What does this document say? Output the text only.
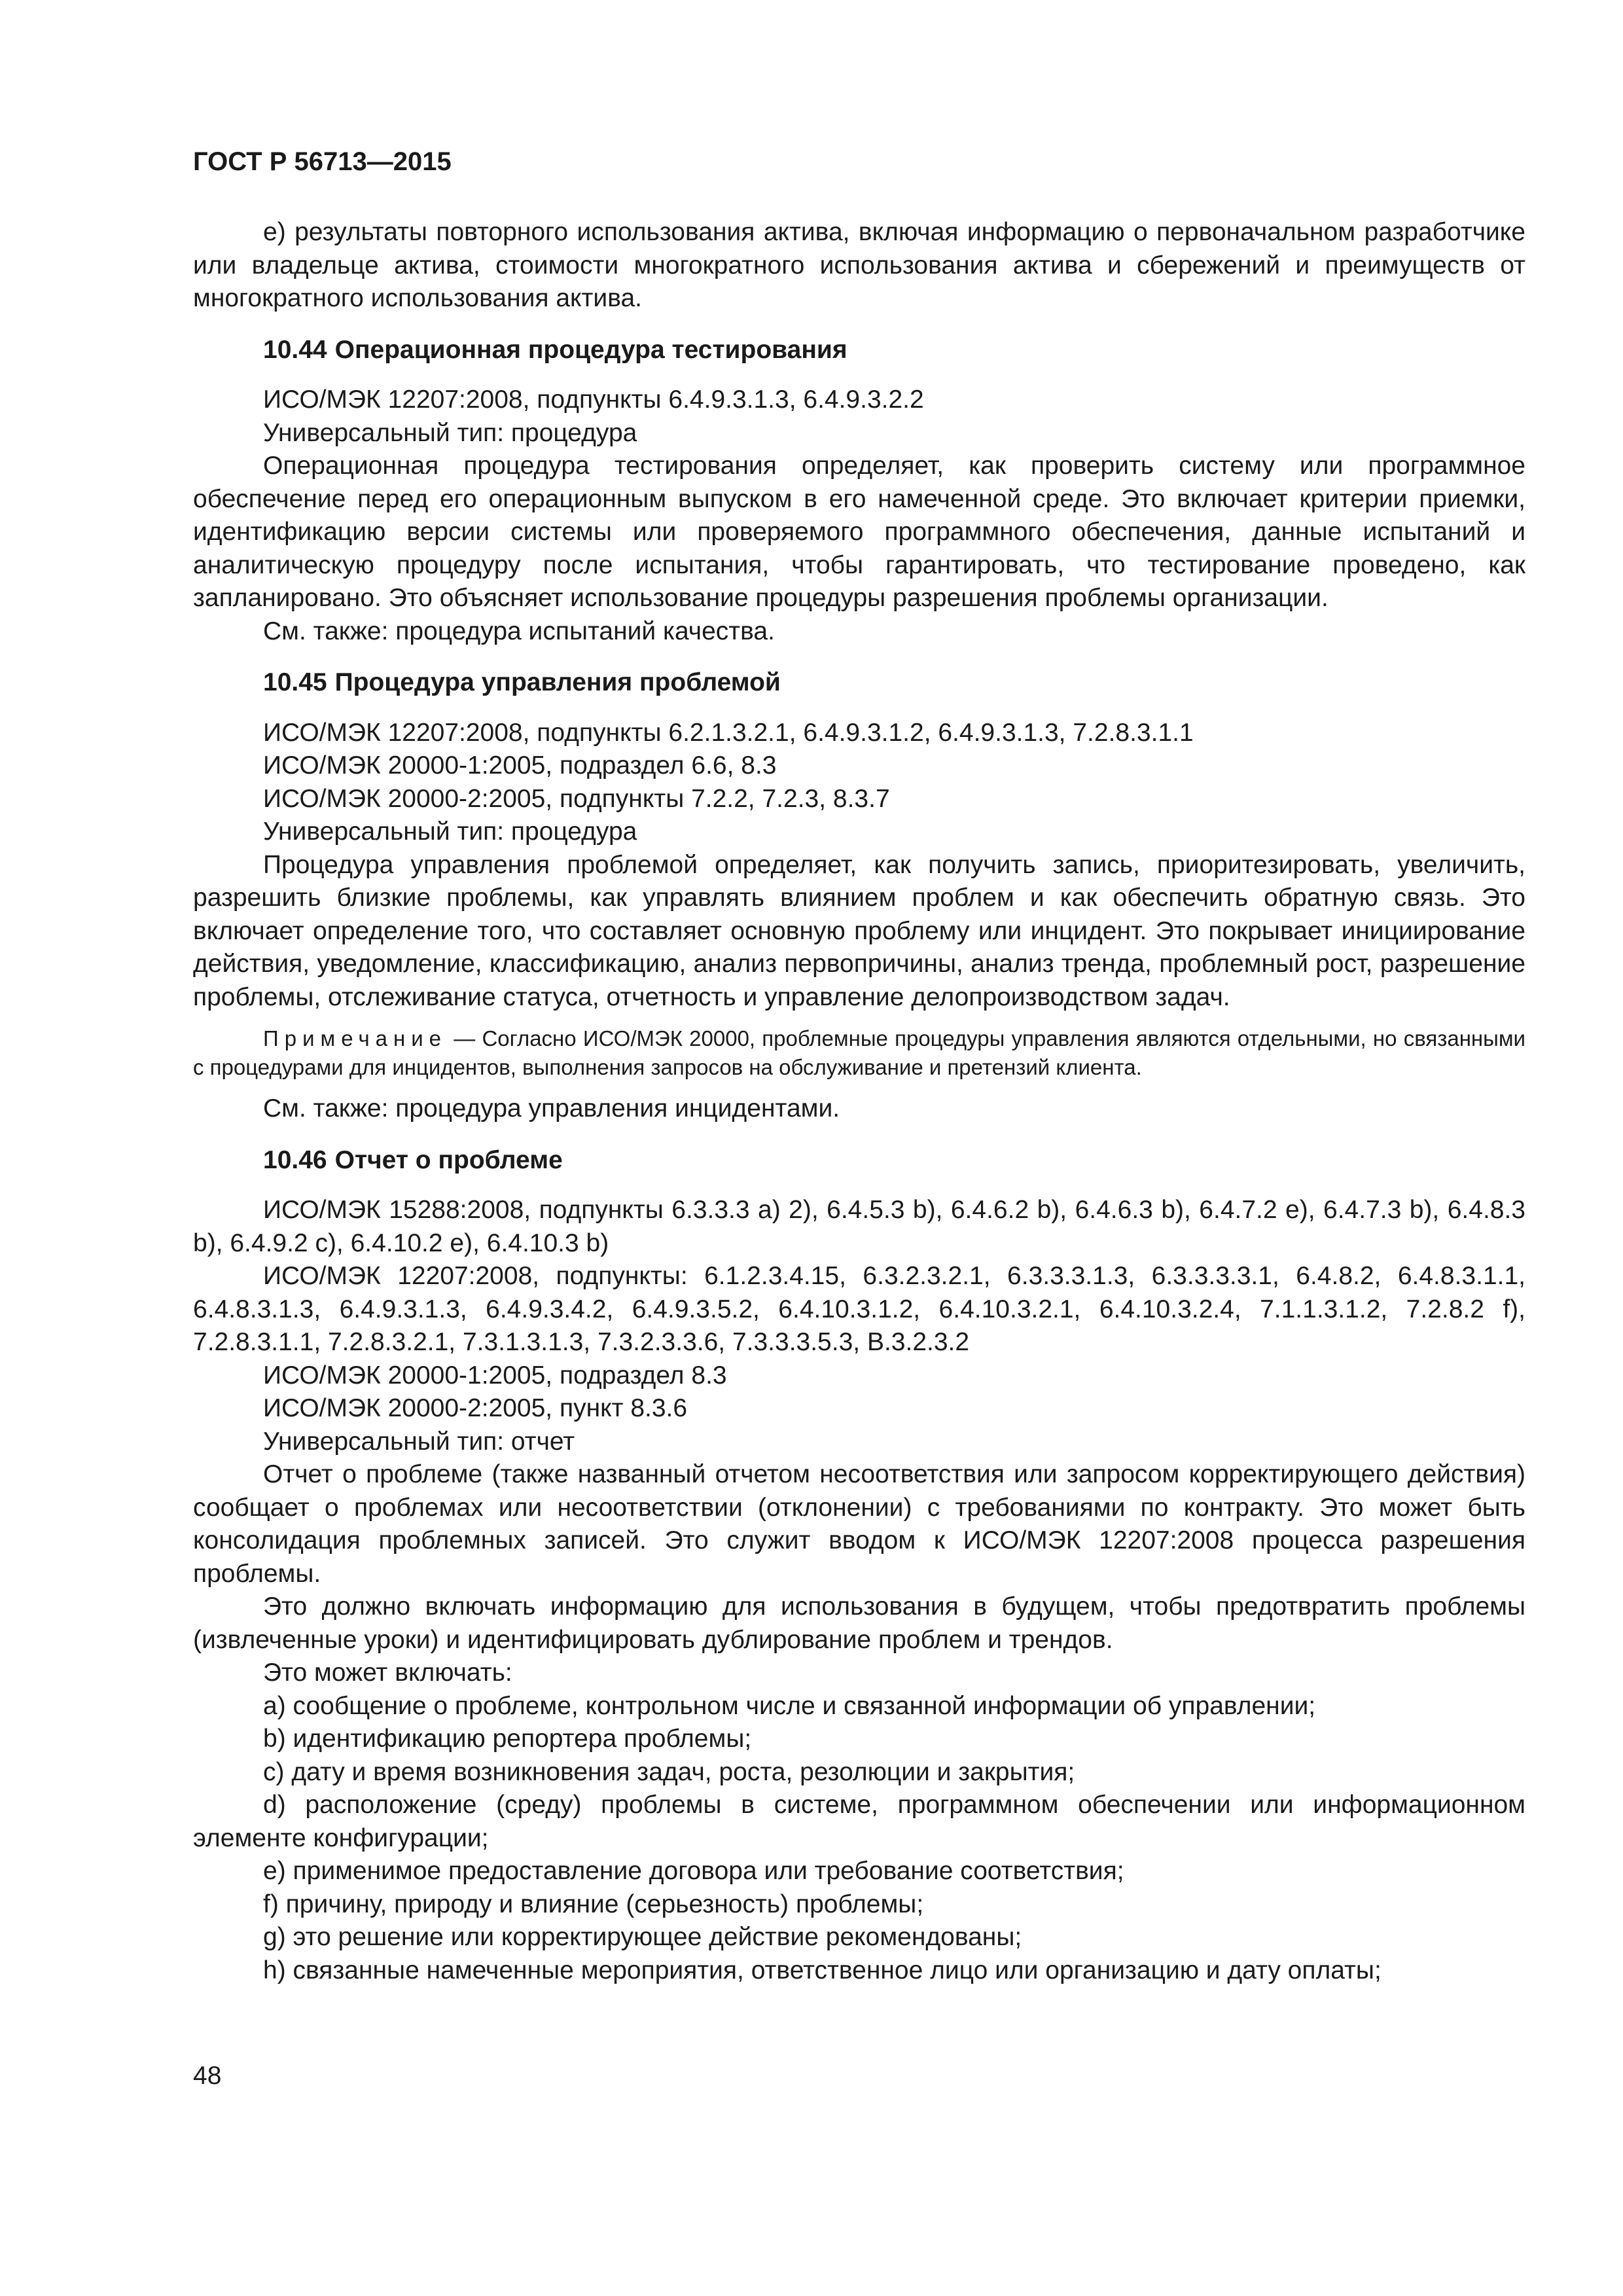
ГОСТ Р 56713—2015

е) результаты повторного использования актива, включая информацию о первоначальном разработчике или владельце актива, стоимости многократного использования актива и сбережений и преимуществ от многократного использования актива.

10.44 Операционная процедура тестирования

ИСО/МЭК 12207:2008, подпункты 6.4.9.3.1.3, 6.4.9.3.2.2

Универсальный тип: процедура

Операционная процедура тестирования определяет, как проверить систему или программное обеспечение перед его операционным выпуском в его намеченной среде. Это включает критерии приемки, идентификацию версии системы или проверяемого программного обеспечения, данные испытаний и аналитическую процедуру после испытания, чтобы гарантировать, что тестирование проведено, как запланировано. Это объясняет использование процедуры разрешения проблемы организации.

См. также: процедура испытаний качества.

10.45 Процедура управления проблемой

ИСО/МЭК 12207:2008, подпункты 6.2.1.3.2.1, 6.4.9.3.1.2, 6.4.9.3.1.3, 7.2.8.3.1.1

ИСО/МЭК 20000-1:2005, подраздел 6.6, 8.3

ИСО/МЭК 20000-2:2005, подпункты 7.2.2, 7.2.3, 8.3.7

Универсальный тип: процедура

Процедура управления проблемой определяет, как получить запись, приоритезировать, увеличить, разрешить близкие проблемы, как управлять влиянием проблем и как обеспечить обратную связь. Это включает определение того, что составляет основную проблему или инцидент. Это покрывает инициирование действия, уведомление, классификацию, анализ первопричины, анализ тренда, проблемный рост, разрешение проблемы, отслеживание статуса, отчетность и управление делопроизводством задач.

Примечание — Согласно ИСО/МЭК 20000, проблемные процедуры управления являются отдельными, но связанными с процедурами для инцидентов, выполнения запросов на обслуживание и претензий клиента.

См. также: процедура управления инцидентами.

10.46 Отчет о проблеме

ИСО/МЭК 15288:2008, подпункты 6.3.3.3 a) 2), 6.4.5.3 b), 6.4.6.2 b), 6.4.6.3 b), 6.4.7.2 e), 6.4.7.3 b), 6.4.8.3 b), 6.4.9.2 c), 6.4.10.2 e), 6.4.10.3 b)

ИСО/МЭК 12207:2008, подпункты: 6.1.2.3.4.15, 6.3.2.3.2.1, 6.3.3.3.1.3, 6.3.3.3.3.1, 6.4.8.2, 6.4.8.3.1.1, 6.4.8.3.1.3, 6.4.9.3.1.3, 6.4.9.3.4.2, 6.4.9.3.5.2, 6.4.10.3.1.2, 6.4.10.3.2.1, 6.4.10.3.2.4, 7.1.1.3.1.2, 7.2.8.2 f), 7.2.8.3.1.1, 7.2.8.3.2.1, 7.3.1.3.1.3, 7.3.2.3.3.6, 7.3.3.3.5.3, B.3.2.3.2

ИСО/МЭК 20000-1:2005, подраздел 8.3

ИСО/МЭК 20000-2:2005, пункт 8.3.6

Универсальный тип: отчет

Отчет о проблеме (также названный отчетом несоответствия или запросом корректирующего действия) сообщает о проблемах или несоответствии (отклонении) с требованиями по контракту. Это может быть консолидация проблемных записей. Это служит вводом к ИСО/МЭК 12207:2008 процесса разрешения проблемы.

Это должно включать информацию для использования в будущем, чтобы предотвратить проблемы (извлеченные уроки) и идентифицировать дублирование проблем и трендов.

Это может включать:

a) сообщение о проблеме, контрольном числе и связанной информации об управлении;

b) идентификацию репортера проблемы;

c) дату и время возникновения задач, роста, резолюции и закрытия;

d) расположение (среду) проблемы в системе, программном обеспечении или информационном элементе конфигурации;

e) применимое предоставление договора или требование соответствия;

f) причину, природу и влияние (серьезность) проблемы;

g) это решение или корректирующее действие рекомендованы;

h) связанные намеченные мероприятия, ответственное лицо или организацию и дату оплаты;

48
